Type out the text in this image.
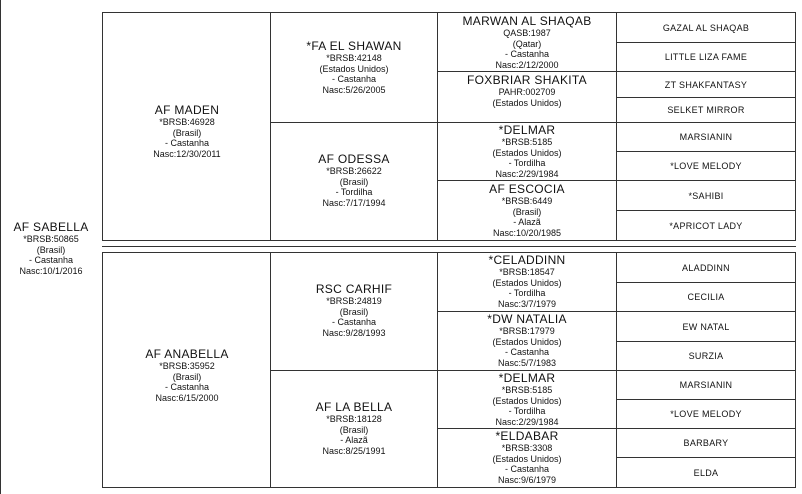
AF SABELLA
*BRSB:50865
(Brasil)
- Castanha
Nasc:10/1/2016
AF MADEN
*BRSB:46928
(Brasil)
- Castanha
Nasc:12/30/2011
AF ANABELLA
*BRSB:35952
(Brasil)
- Castanha
Nasc:6/15/2000
*FA EL SHAWAN
*BRSB:42148
(Estados Unidos)
- Castanha
Nasc:5/26/2005
AF ODESSA
*BRSB:26622
(Brasil)
- Tordilha
Nasc:7/17/1994
RSC CARHIF
*BRSB:24819
(Brasil)
- Castanha
Nasc:9/28/1993
AF LA BELLA
*BRSB:18128
(Brasil)
- Alazã
Nasc:8/25/1991
MARWAN AL SHAQAB
QASB:1987
(Qatar)
- Castanha
Nasc:2/12/2000
FOXBRIAR SHAKITA
PAHR:002709
(Estados Unidos)
*DELMAR
*BRSB:5185
(Estados Unidos)
- Tordilha
Nasc:2/29/1984
AF ESCOCIA
*BRSB:6449
(Brasil)
- Alazã
Nasc:10/20/1985
*CELADDINN
*BRSB:18547
(Estados Unidos)
- Tordilha
Nasc:3/7/1979
*DW NATALIA
*BRSB:17979
(Estados Unidos)
- Castanha
Nasc:5/7/1983
*DELMAR
*BRSB:5185
(Estados Unidos)
- Tordilha
Nasc:2/29/1984
*ELDABAR
*BRSB:3308
(Estados Unidos)
- Castanha
Nasc:9/6/1979
GAZAL AL SHAQAB
LITTLE LIZA FAME
ZT SHAKFANTASY
SELKET MIRROR
MARSIANIN
*LOVE MELODY
*SAHIBI
*APRICOT LADY
ALADDINN
CECILIA
EW NATAL
SURZIA
MARSIANIN
*LOVE MELODY
BARBARY
ELDA
